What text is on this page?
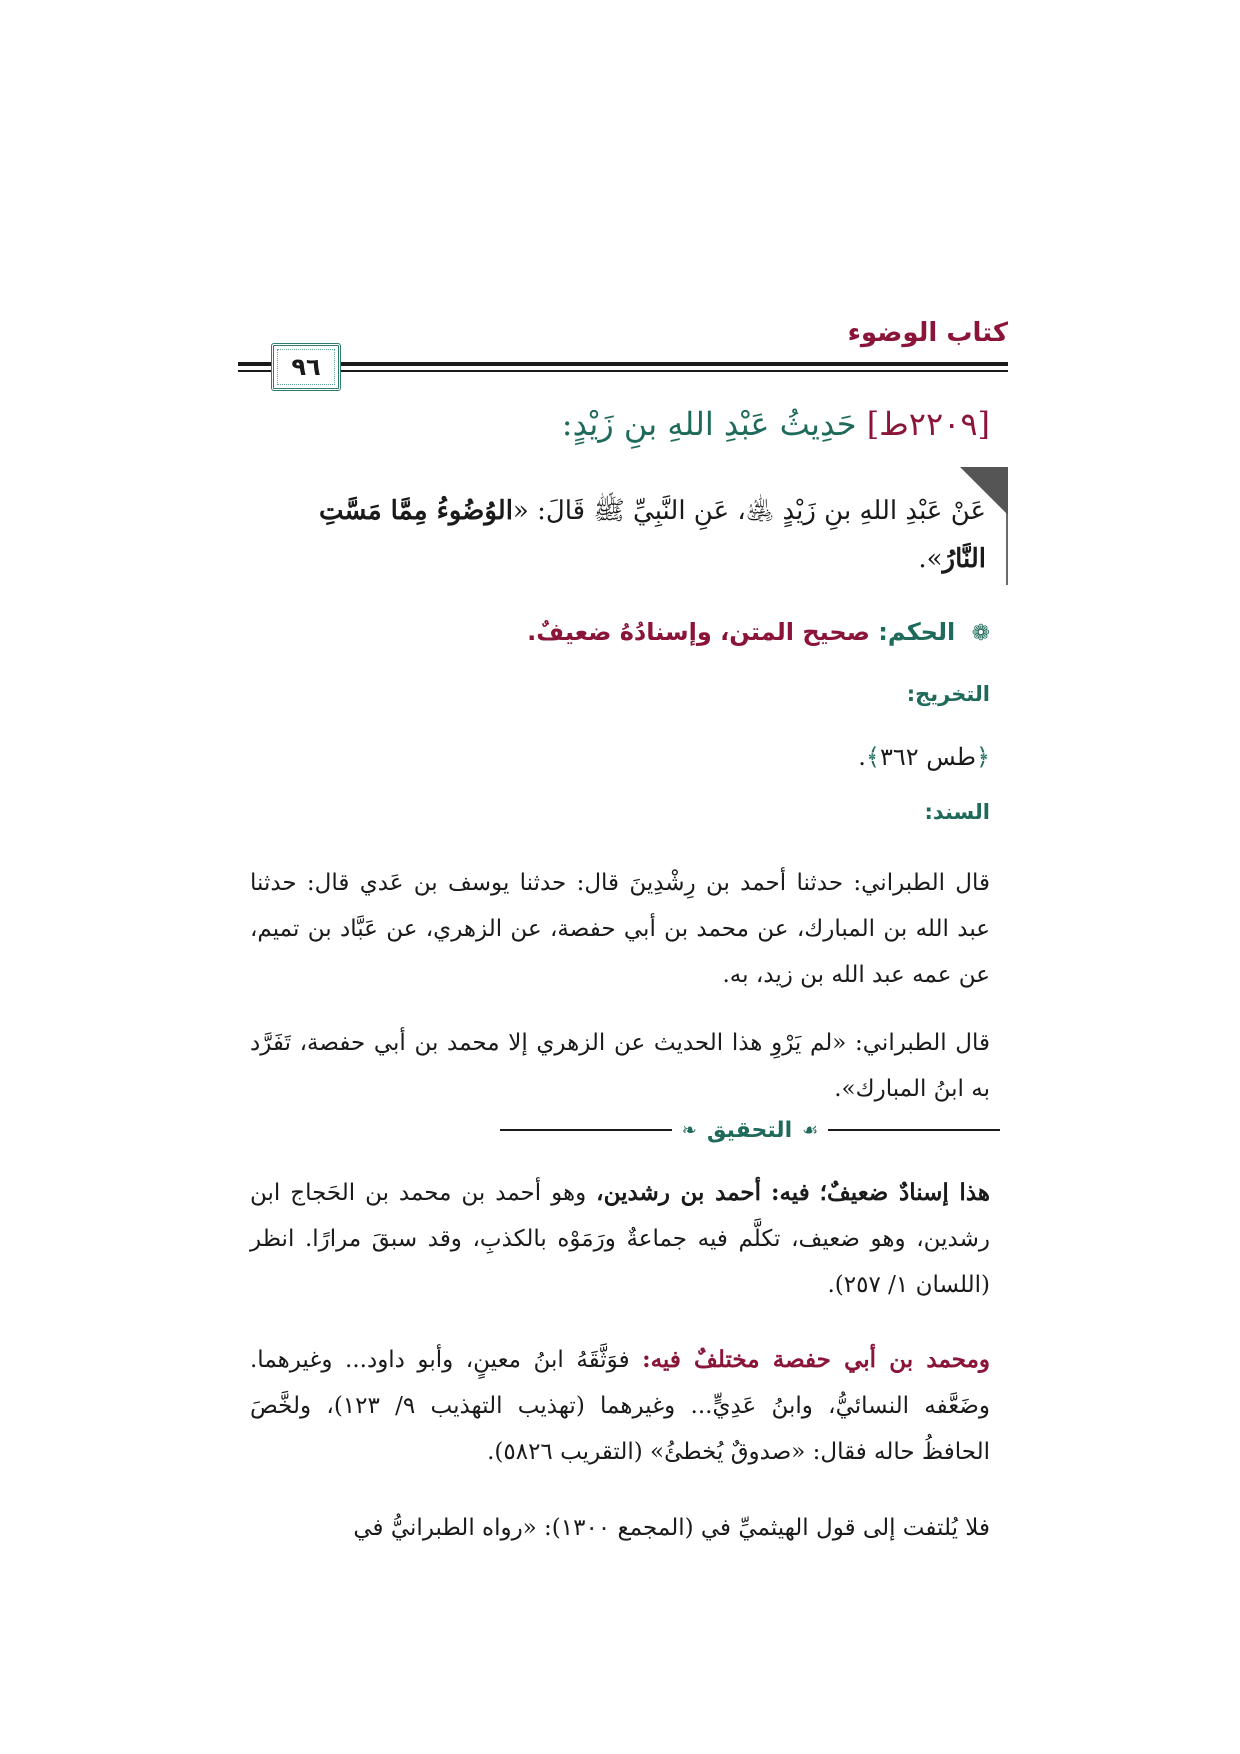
كتاب الوضوء
٩٦
[٢٢٠٩ط] حَدِيثُ عَبْدِ اللهِ بنِ زَيْدٍ:
عَنْ عَبْدِ اللهِ بنِ زَيْدٍ ﵁، عَنِ النَّبِيِّ ﷺ قَالَ: «الوُضُوءُ مِمَّا مَسَّتِ النَّارُ».
❁ الحكم: صحيح المتن، وإسنادُهُ ضعيفٌ.
التخريج:
﴿طس ٣٦٢﴾.
السند:
قال الطبراني: حدثنا أحمد بن رِشْدِينَ قال: حدثنا يوسف بن عَدي قال: حدثنا عبد الله بن المبارك، عن محمد بن أبي حفصة، عن الزهري، عن عَبَّاد بن تميم، عن عمه عبد الله بن زيد، به.
قال الطبراني: «لم يَرْوِ هذا الحديث عن الزهري إلا محمد بن أبي حفصة، تَفَرَّد به ابنُ المبارك».
❧ التحقيق ☙
هذا إسنادٌ ضعيفٌ؛ فيه: أحمد بن رشدين، وهو أحمد بن محمد بن الحَجاج ابن رشدين، وهو ضعيف، تكلَّم فيه جماعةٌ ورَمَوْه بالكذبِ، وقد سبقَ مرارًا. انظر (اللسان ١/ ٢٥٧).
ومحمد بن أبي حفصة مختلفٌ فيه: فوَثَّقَهُ ابنُ معينٍ، وأبو داود... وغيرهما. وضَعَّفه النسائيُّ، وابنُ عَدِيٍّ... وغيرهما (تهذيب التهذيب ٩/ ١٢٣)، ولخَّصَ الحافظُ حاله فقال: «صدوقٌ يُخطئُ» (التقريب ٥٨٢٦).
فلا يُلتفت إلى قول الهيثميِّ في (المجمع ١٣٠٠): «رواه الطبرانيُّ في
